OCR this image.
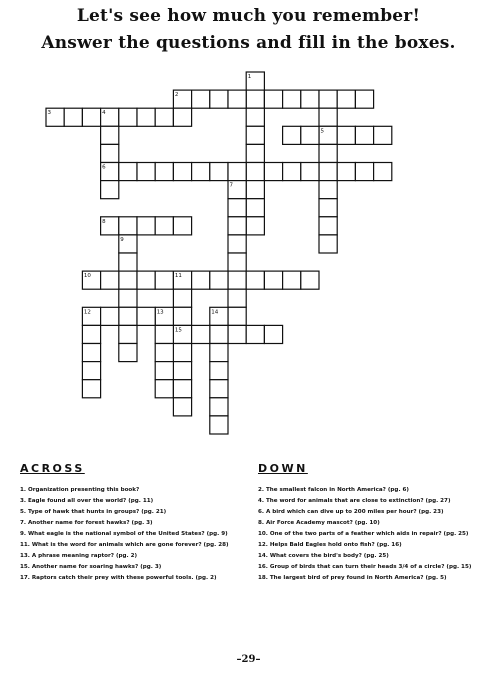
Let's see how much you remember!
Answer the questions and fill in the boxes.
1
2
3	4
5
6
7
8
9
10	11
12	13	14
15
ACROSS	DOWN
1. Organization presenting this book?
3. Eagle found all over the world? (pg. 11)
5. Type of hawk that hunts in groups? (pg. 21)
7. Another name for forest hawks? (pg. 3)
9. What eagle is the national symbol of the United States? (pg. 9)
11. What is the word for animals which are gone forever? (pg. 28)
13. A phrase meaning raptor? (pg. 2)
15. Another name for soaring hawks? (pg. 3)
17. Raptors catch their prey with these powerful tools. (pg. 2)
2. The smallest falcon in North America? (pg. 6)
4. The word for animals that are close to extinction? (pg. 27)
6. A bird which can dive up to 200 miles per hour? (pg. 23)
8. Air Force Academy mascot? (pg. 10)
10. One of the two parts of a feather which aids in repair? (pg. 25)
12. Helps Bald Eagles hold onto fish? (pg. 16)
14. What covers the bird's body? (pg. 25)
16. Group of birds that can turn their heads 3/4 of a circle? (pg. 15)
18. The largest bird of prey found in North America? (pg. 5)
–29–
